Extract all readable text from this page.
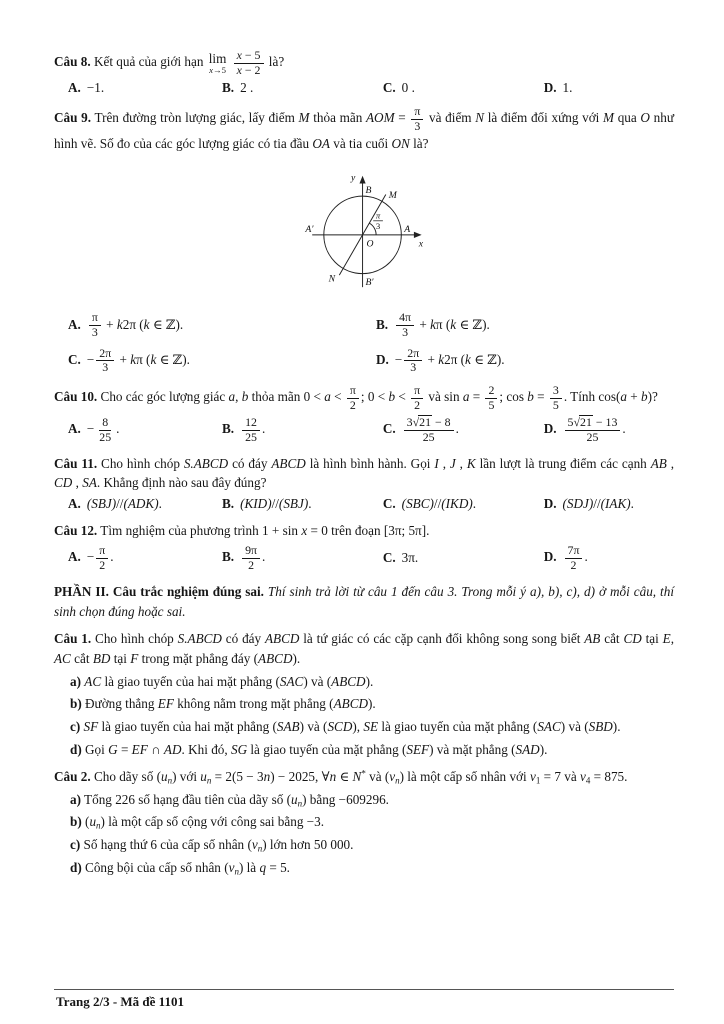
Câu 8. Kết quả của giới hạn lim
x→5
$\frac{x - 5}{x - 2}$ là?

A. −1.	B. 2 .	C. 0 .	D. 1.

Câu 9. Trên đường tròn lượng giác, lấy điểm M thỏa mãn AOM = $\frac{\pi}{3}$ và điểm N là điểm đối xứng với M qua O như hình vẽ. Số đo của các góc lượng giác có tia đầu OA và tia cuối ON là?

y
x
B
B′
A
A′
M
N
O
π
3
A. $\frac{\pi}{3} + k2\pi$ (k ∈ ℤ).	B. $\frac{4\pi}{3} + k\pi$ (k ∈ ℤ).
C. − $\frac{2\pi}{3} + k\pi$ (k ∈ ℤ).	D. − $\frac{2\pi}{3} + k2\pi$ (k ∈ ℤ).

Câu 10. Cho các góc lượng giác a, b thỏa mãn $0 < a < \frac{\pi}{2}$ ; $0 < b < \frac{\pi}{2}$ và $\sin a = \frac{2}{5}$ ; $\cos b = \frac{3}{5}$ . Tính cos(a + b)?

A. − $\frac{8}{25}$ .	B. $\frac{12}{25}$ .	C. $\frac{3 √ 21 - 8}{25}$ .	D. $\frac{5 √ 21 - 13}{25}$ .

Câu 11. Cho hình chóp S.ABCD có đáy ABCD là hình bình hành. Gọi I , J , K lần lượt là trung điểm các cạnh AB , CD , SA. Khẳng định nào sau đây đúng?

A. (SBJ)//(ADK).	B. (KID)//(SBJ).	C. (SBC)//(IKD).	D. (SDJ)//(IAK).

Câu 12. Tìm nghiệm của phương trình 1 + sin x = 0 trên đoạn [3π; 5π].

A. − $\frac{\pi}{2}$ .	B. $\frac{9\pi}{2}$ .	C. 3π.	D. $\frac{7\pi}{2}$ .

PHẦN II. Câu trắc nghiệm đúng sai. Thí sinh trả lời từ câu 1 đến câu 3. Trong mỗi ý a), b), c), d) ở mỗi câu, thí sinh chọn đúng hoặc sai.

Câu 1. Cho hình chóp S.ABCD có đáy ABCD là tứ giác có các cặp cạnh đối không song song biết AB cắt CD tại E, AC cắt BD tại F trong mặt phẳng đáy (ABCD).

a) AC là giao tuyến của hai mặt phẳng (SAC) và (ABCD).

b) Đường thẳng EF không nằm trong mặt phẳng (ABCD).

c) SF là giao tuyến của hai mặt phẳng (SAB) và (SCD), SE là giao tuyến của mặt phẳng (SAC) và (SBD).

d) Gọi G = EF ∩ AD. Khi đó, SG là giao tuyến của mặt phẳng (SEF) và mặt phẳng (SAD).

Câu 2. Cho dãy số $(u_n)$ với $u_n = 2(5 - 3n) - 2025$, ∀n ∈ N* và $(v_n)$ là một cấp số nhân với $v_1 = 7$ và $v_4 = 875$.

a) Tổng 226 số hạng đầu tiên của dãy số $(u_n)$ bằng −609296.

b) $(u_n)$ là một cấp số cộng với công sai bằng −3.

c) Số hạng thứ 6 của cấp số nhân $(v_n)$ lớn hơn 50 000.

d) Công bội của cấp số nhân $(v_n)$ là q = 5.

Trang 2/3 - Mã đề 1101
